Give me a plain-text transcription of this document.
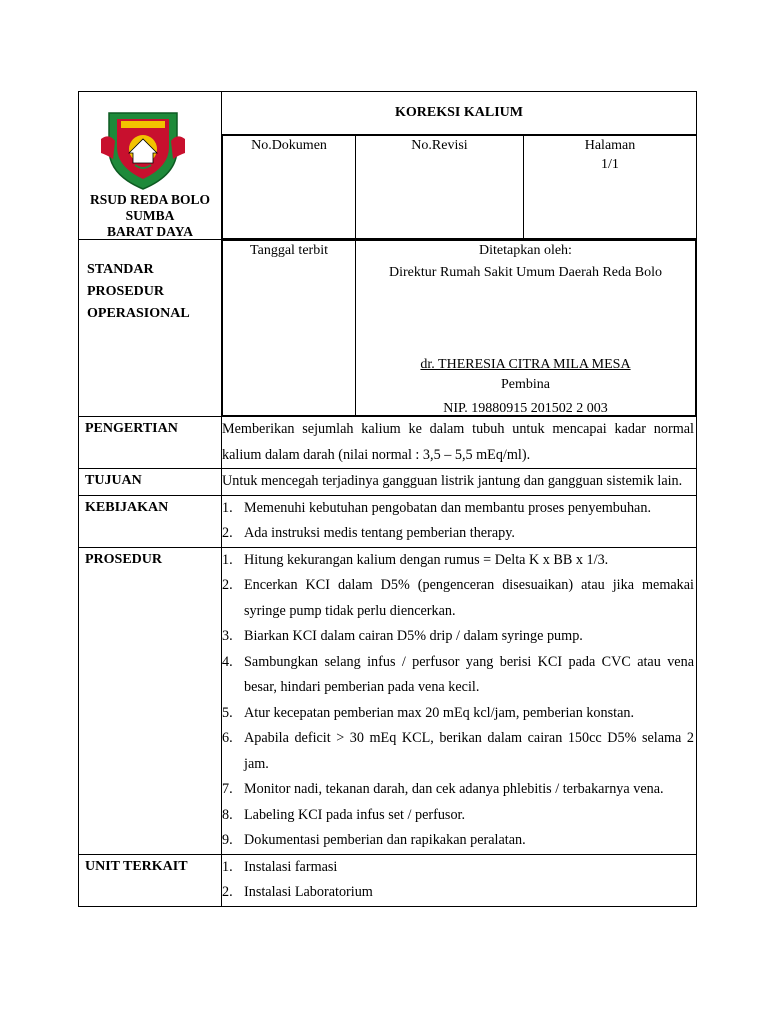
RSUD REDA BOLO
SUMBA
BARAT DAYA
	KOREKSI KALIUM

No.Dokumen	No.Revisi	Halaman
1/1

STANDAR
PROSEDUR
OPERASIONAL

Tanggal terbit	Ditetapkan oleh:
Direktur Rumah Sakit Umum Daerah Reda Bolo
dr. THERESIA CITRA MILA MESA
Pembina
NIP. 19880915 201502 2 003

PENGERTIAN	Memberikan sejumlah kalium ke dalam tubuh untuk mencapai kadar normal kalium dalam darah (nilai normal : 3,5 – 5,5 mEq/ml).
TUJUAN	Untuk mencegah terjadinya gangguan listrik jantung dan gangguan sistemik lain.
KEBIJAKAN	1. Memenuhi kebutuhan pengobatan dan membantu proses penyembuhan.
2. Ada instruksi medis tentang pemberian therapy.

PROSEDUR	1. Hitung kekurangan kalium dengan rumus = Delta K x BB x 1/3.
2. Encerkan KCI dalam D5% (pengenceran disesuaikan) atau jika memakai syringe pump tidak perlu diencerkan.
3. Biarkan KCI dalam cairan D5% drip / dalam syringe pump.
4. Sambungkan selang infus / perfusor yang berisi KCI pada CVC atau vena besar, hindari pemberian pada vena kecil.
5. Atur kecepatan pemberian max 20 mEq kcl/jam, pemberian konstan.
6. Apabila deficit > 30 mEq KCL, berikan dalam cairan 150cc D5% selama 2 jam.
7. Monitor nadi, tekanan darah, dan cek adanya phlebitis / terbakarnya vena.
8. Labeling KCI pada infus set / perfusor.
9. Dokumentasi pemberian dan rapikakan peralatan.

UNIT TERKAIT	1. Instalasi farmasi
2. Instalasi Laboratorium
